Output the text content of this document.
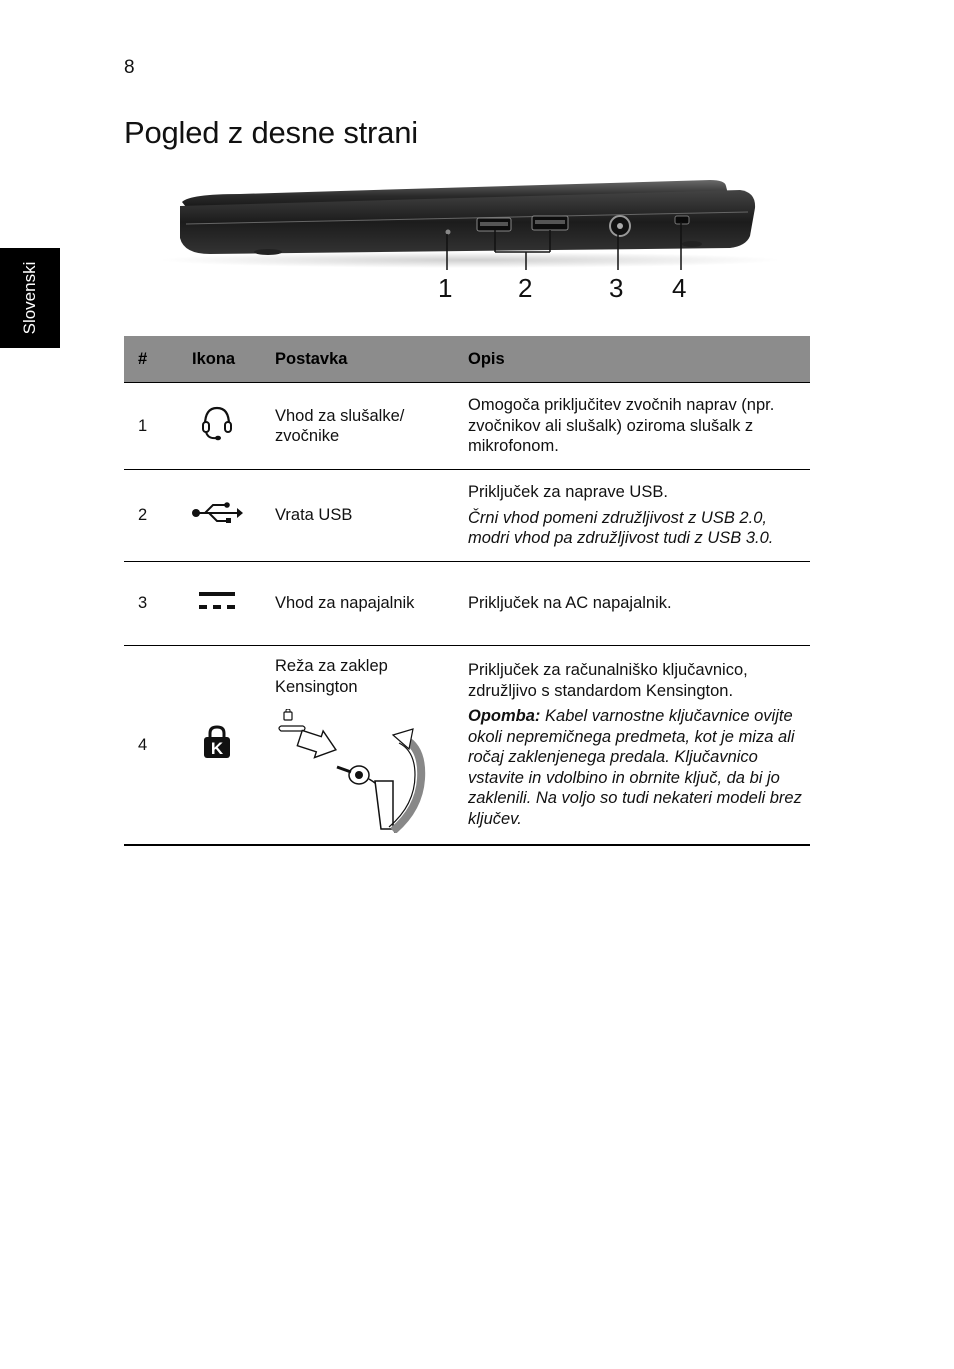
8
Pogled z desne strani
Slovenski	1	2	3 4
#	Ikona	Postavka	Opis
1		Vhod za slušalke/ zvočnike	Omogoča priključitev zvočnih naprav (npr. zvočnikov ali slušalk) oziroma slušalk z mikrofonom.

2		Vrata USB	Priključek za naprave USB.

Črni vhod pomeni združljivost z USB 2.0, modri vhod pa združljivost tudi z USB 3.0.

3		Vhod za napajalnik	Priključek na AC napajalnik.

4	K	Reža za zaklep Kensington	Priključek za računalniško ključavnico, združljivo s standardom Kensington.

Opomba: Kabel varnostne ključavnice ovijte okoli nepremičnega predmeta, kot je miza ali ročaj zaklenjenega predala. Ključavnico vstavite in vdolbino in obrnite ključ, da bi jo zaklenili. Na voljo so tudi nekateri modeli brez ključev.
